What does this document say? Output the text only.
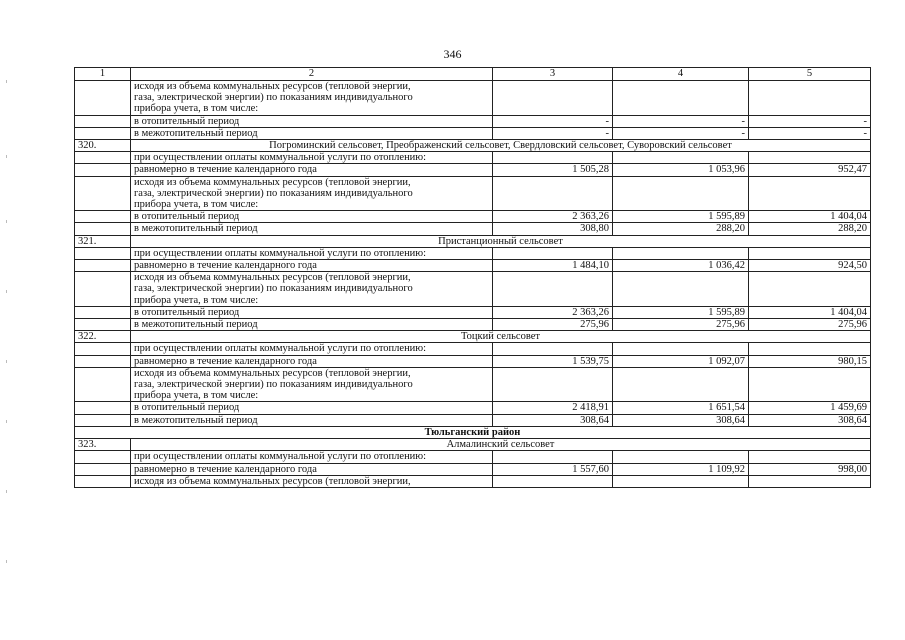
346
1	2	3	4	5

	исходя из объема коммунальных ресурсов (тепловой энергии,
газа, электрической энергии) по показаниям индивидуального
прибора учета, в том числе:			

	в отопительный период	-	-	-
	в межотопительный период	-	-	-
320.	Погроминский сельсовет, Преображенский сельсовет, Свердловский сельсовет, Суворовский сельсовет			
	при осуществлении оплаты коммунальной услуги по отоплению:			
	равномерно в течение календарного года	1 505,28	1 053,96	952,47

	исходя из объема коммунальных ресурсов (тепловой энергии,
газа, электрической энергии) по показаниям индивидуального
прибора учета, в том числе:			

	в отопительный период	2 363,26	1 595,89	1 404,04
	в межотопительный период	308,80	288,20	288,20
321.	Пристанционный сельсовет			
	при осуществлении оплаты коммунальной услуги по отоплению:			
	равномерно в течение календарного года	1 484,10	1 036,42	924,50

	исходя из объема коммунальных ресурсов (тепловой энергии,
газа, электрической энергии) по показаниям индивидуального
прибора учета, в том числе:			

	в отопительный период	2 363,26	1 595,89	1 404,04
	в межотопительный период	275,96	275,96	275,96
322.	Тоцкий сельсовет			
	при осуществлении оплаты коммунальной услуги по отоплению:			
	равномерно в течение календарного года	1 539,75	1 092,07	980,15

	исходя из объема коммунальных ресурсов (тепловой энергии,
газа, электрической энергии) по показаниям индивидуального
прибора учета, в том числе:			

	в отопительный период	2 418,91	1 651,54	1 459,69
	в межотопительный период	308,64	308,64	308,64
Тюльганский район				
323.	Алмалинский сельсовет			
	при осуществлении оплаты коммунальной услуги по отоплению:			
	равномерно в течение календарного года	1 557,60	1 109,92	998,00
	исходя из объема коммунальных ресурсов (тепловой энергии,			
